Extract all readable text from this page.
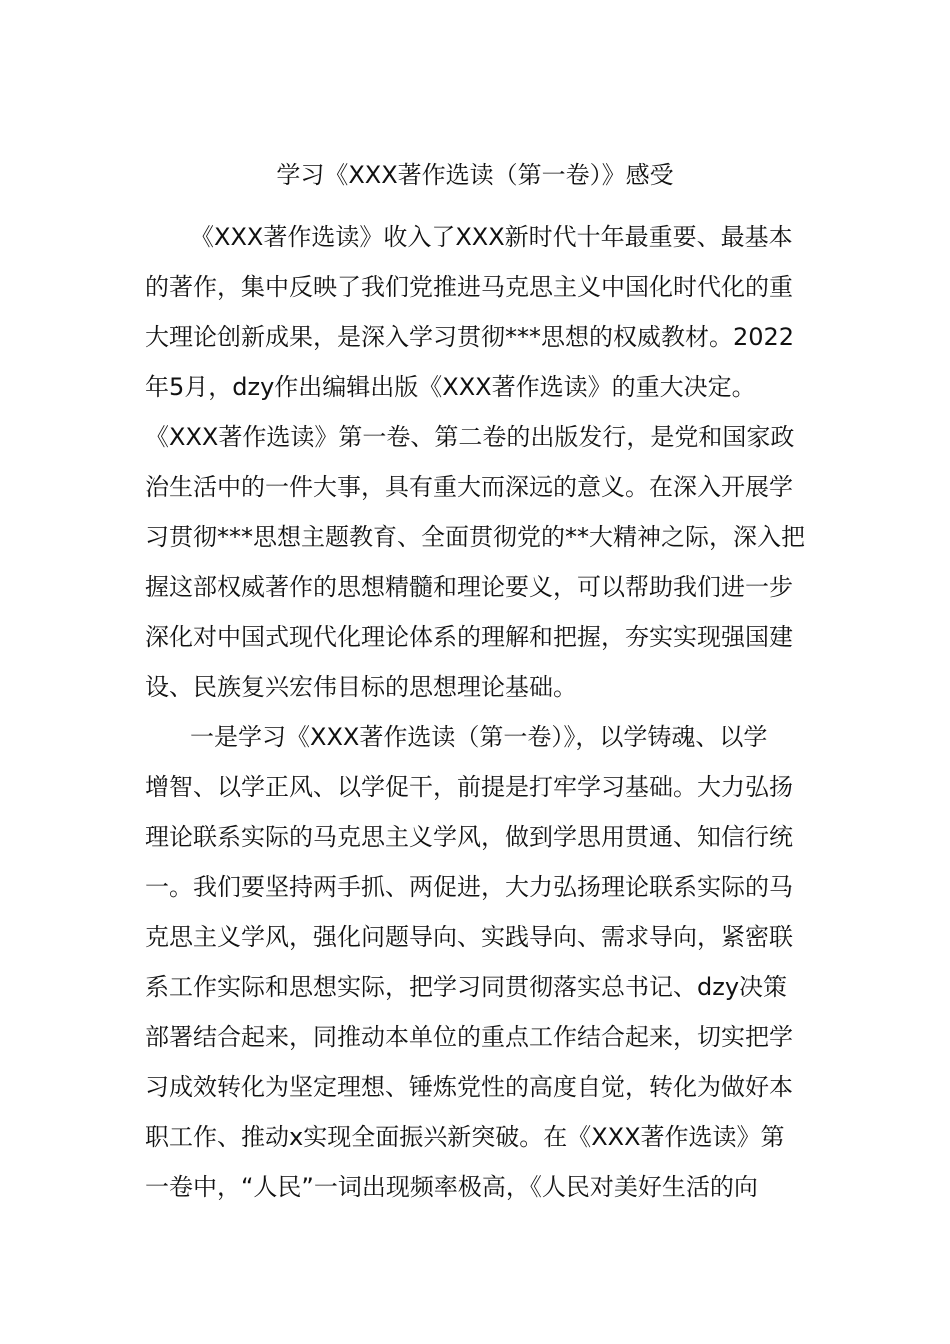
学习《XXX著作选读（第一卷）》感受

《XXX著作选读》收入了XXX新时代十年最重要、最基本

的著作，集中反映了我们党推进马克思主义中国化时代化的重

大理论创新成果，是深入学习贯彻***思想的权威教材。2022

年5月，dzy作出编辑出版《XXX著作选读》的重大决定。

《XXX著作选读》第一卷、第二卷的出版发行，是党和国家政

治生活中的一件大事，具有重大而深远的意义。在深入开展学

习贯彻***思想主题教育、全面贯彻党的**大精神之际，深入把

握这部权威著作的思想精髓和理论要义，可以帮助我们进一步

深化对中国式现代化理论体系的理解和把握，夯实实现强国建

设、民族复兴宏伟目标的思想理论基础。

一是学习《XXX著作选读（第一卷）》，以学铸魂、以学

增智、以学正风、以学促干，前提是打牢学习基础。大力弘扬

理论联系实际的马克思主义学风，做到学思用贯通、知信行统

一。我们要坚持两手抓、两促进，大力弘扬理论联系实际的马

克思主义学风，强化问题导向、实践导向、需求导向，紧密联

系工作实际和思想实际，把学习同贯彻落实总书记、dzy决策

部署结合起来，同推动本单位的重点工作结合起来，切实把学

习成效转化为坚定理想、锤炼党性的高度自觉，转化为做好本

职工作、推动x实现全面振兴新突破。在《XXX著作选读》第

一卷中，“人民”一词出现频率极高，《人民对美好生活的向
